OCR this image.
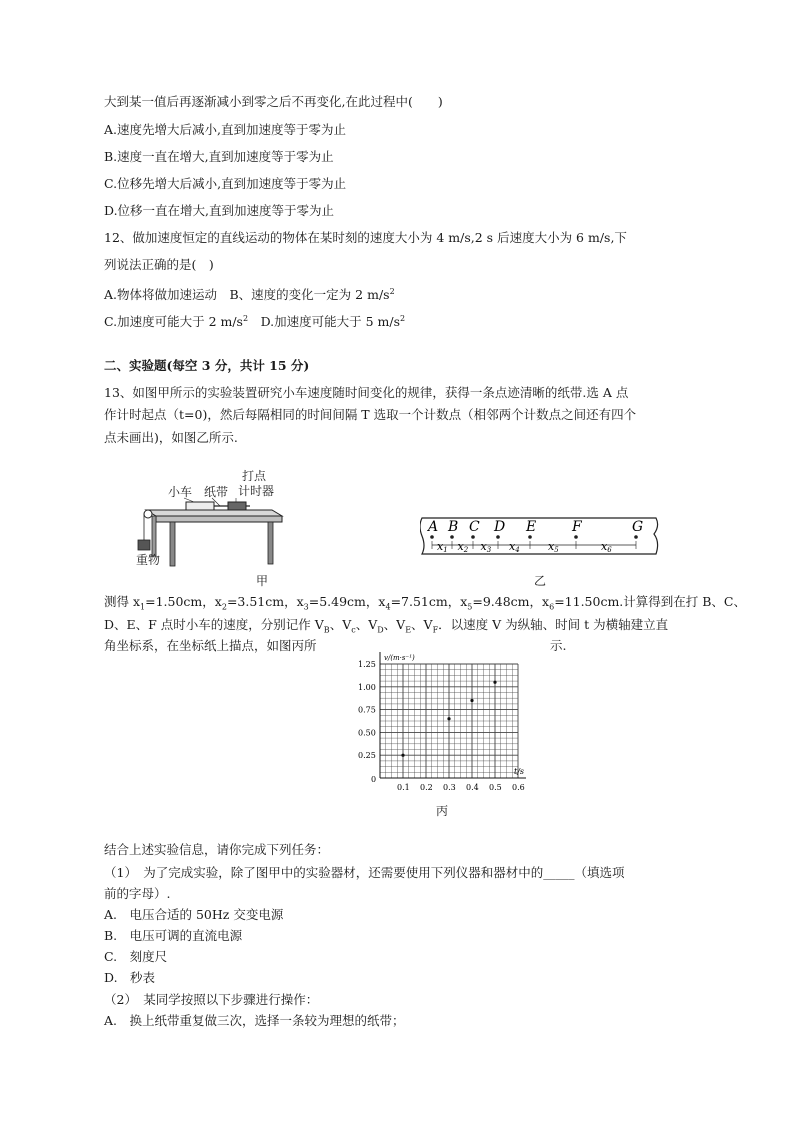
大到某一值后再逐渐减小到零之后不再变化,在此过程中(　　)
A.速度先增大后减小,直到加速度等于零为止
B.速度一直在增大,直到加速度等于零为止
C.位移先增大后减小,直到加速度等于零为止
D.位移一直在增大,直到加速度等于零为止
12、做加速度恒定的直线运动的物体在某时刻的速度大小为 4 m/s,2 s 后速度大小为 6 m/s,下
列说法正确的是(　)
A.物体将做加速运动　B、速度的变化一定为 2 $m/s^2$
C.加速度可能大于 2 $m/s^2$　 D.加速度可能大于 5 $m/s^2$
二、实验题(每空 3 分，共计 15 分)
13、如图甲所示的实验装置研究小车速度随时间变化的规律，获得一条点迹清晰的纸带.选 A 点
作计时起点（t=0)，然后每隔相同的时间间隔 T 选取一个计数点（相邻两个计数点之间还有四个
点未画出)，如图乙所示.
小车 纸带
打点
计时器
重物
甲
A B C D E	F	G
x1 x2 x3 x4	x5	x6
乙
测得 $x_1=1.50cm$，$x_2=3.51cm$，$x_3=5.49cm$，$x_4=7.51cm$，$x_5=9.48cm$，$x_6=11.50cm$.计算得到在打 B、C、
D、E、F 点时小车的速度，分别记作 $V_B$、$V_c$、$V_D$、$V_E$、$V_F$．以速度 V 为纵轴、时间 t 为横轴建立直
角坐标系，在坐标纸上描点，如图丙所	示.
t/s
v/(m·s⁻¹)
0.1 0.2 0.3 0.4 0.5 0.6
0.25
0.50
0.75
1.00
1.25
0
丙
结合上述实验信息，请你完成下列任务：
（1）　为了完成实验，除了图甲中的实验器材，还需要使用下列仪器和器材中的_____（填选项
前的字母）.
A.　电压合适的 50Hz 交变电源
B.　电压可调的直流电源
C.　刻度尺
D.　秒表
（2）　某同学按照以下步骤进行操作：
A.　换上纸带重复做三次，选择一条较为理想的纸带；
